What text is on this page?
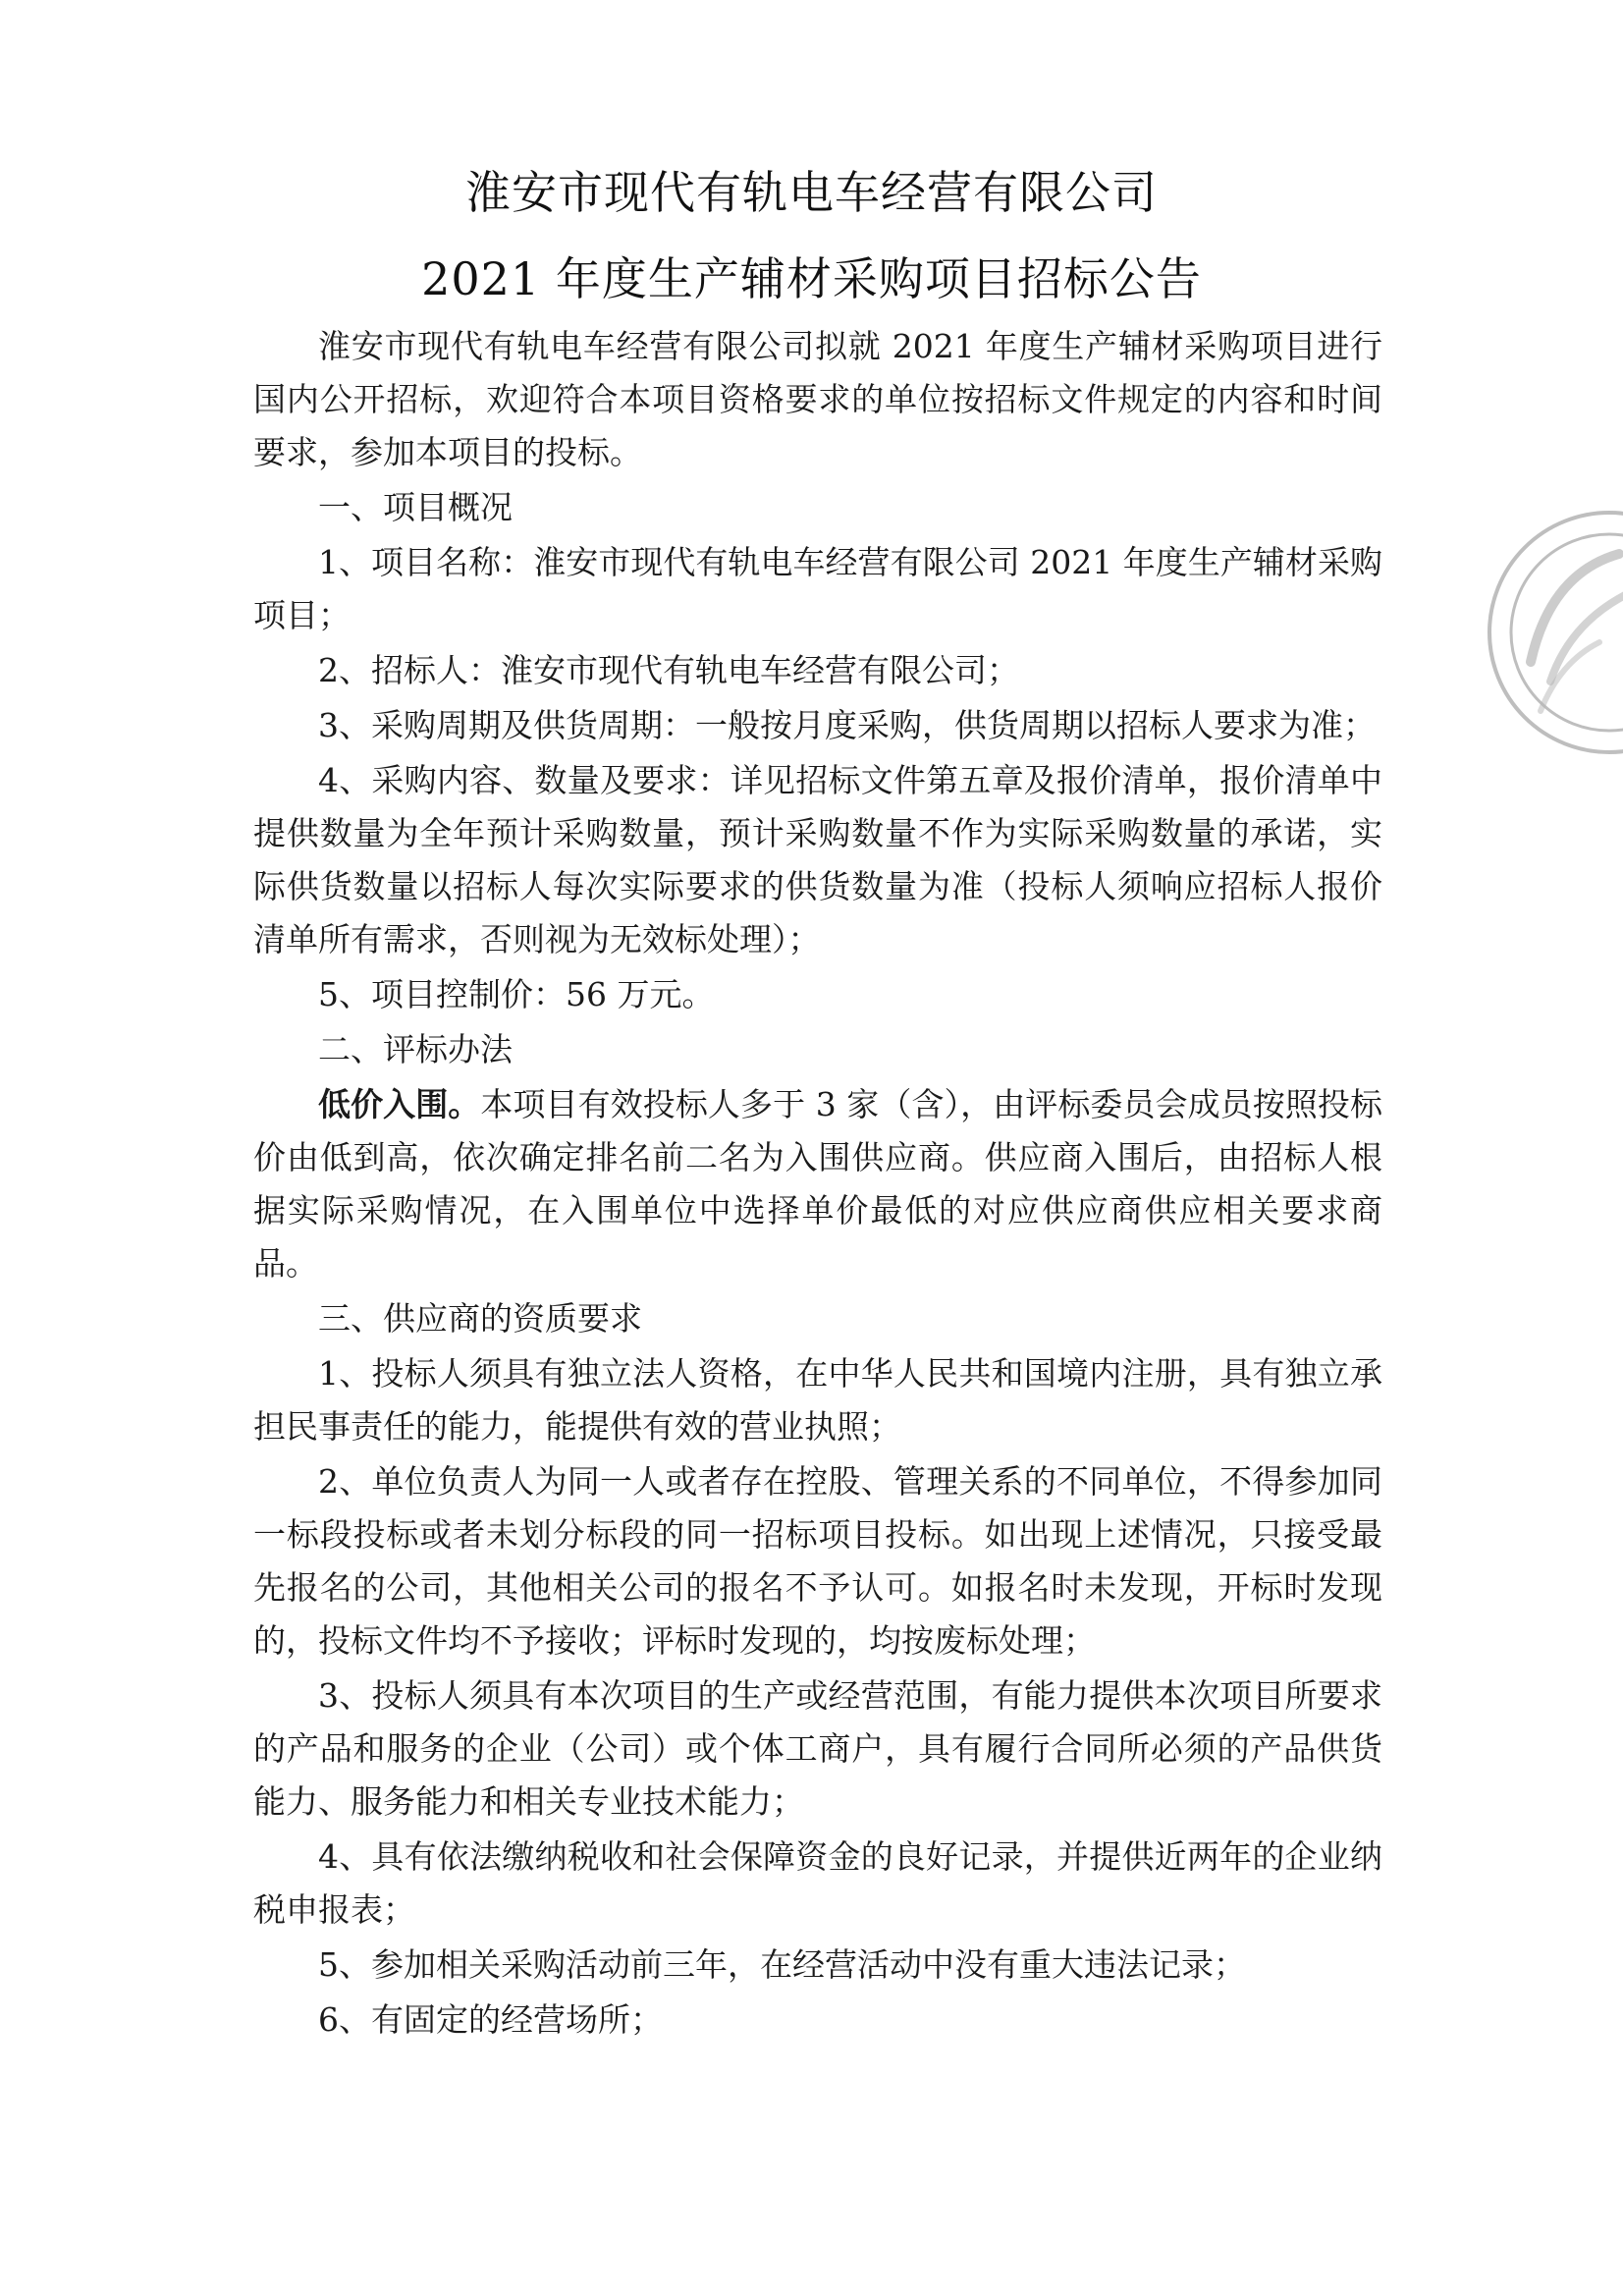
淮安市现代有轨电车经营有限公司
2021 年度生产辅材采购项目招标公告

淮安市现代有轨电车经营有限公司拟就 2021 年度生产辅材采购项目进行国内公开招标，欢迎符合本项目资格要求的单位按招标文件规定的内容和时间要求，参加本项目的投标。

一、项目概况

1、项目名称：淮安市现代有轨电车经营有限公司 2021 年度生产辅材采购项目；

2、招标人：淮安市现代有轨电车经营有限公司；

3、采购周期及供货周期：一般按月度采购，供货周期以招标人要求为准；

4、采购内容、数量及要求：详见招标文件第五章及报价清单，报价清单中提供数量为全年预计采购数量，预计采购数量不作为实际采购数量的承诺，实际供货数量以招标人每次实际要求的供货数量为准（投标人须响应招标人报价清单所有需求，否则视为无效标处理）；

5、项目控制价：56 万元。

二、评标办法

低价入围。本项目有效投标人多于 3 家（含），由评标委员会成员按照投标价由低到高，依次确定排名前二名为入围供应商。供应商入围后，由招标人根据实际采购情况，在入围单位中选择单价最低的对应供应商供应相关要求商品。

三、供应商的资质要求

1、投标人须具有独立法人资格，在中华人民共和国境内注册，具有独立承担民事责任的能力，能提供有效的营业执照；

2、单位负责人为同一人或者存在控股、管理关系的不同单位，不得参加同一标段投标或者未划分标段的同一招标项目投标。如出现上述情况，只接受最先报名的公司，其他相关公司的报名不予认可。如报名时未发现，开标时发现的，投标文件均不予接收；评标时发现的，均按废标处理；

3、投标人须具有本次项目的生产或经营范围，有能力提供本次项目所要求的产品和服务的企业（公司）或个体工商户，具有履行合同所必须的产品供货能力、服务能力和相关专业技术能力；

4、具有依法缴纳税收和社会保障资金的良好记录，并提供近两年的企业纳税申报表；

5、参加相关采购活动前三年，在经营活动中没有重大违法记录；

6、有固定的经营场所；
